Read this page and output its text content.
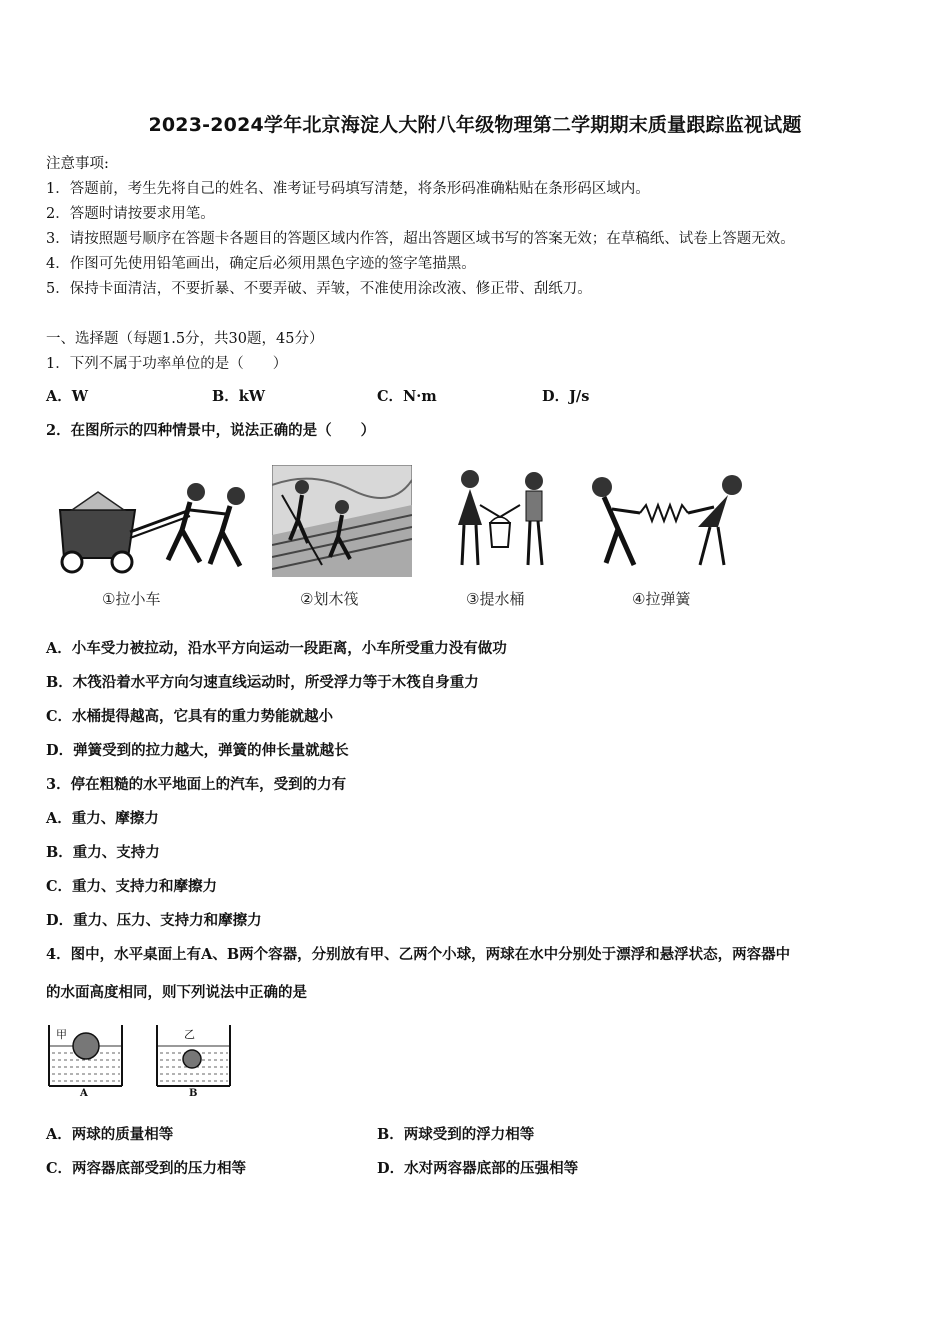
2023-2024学年北京海淀人大附八年级物理第二学期期末质量跟踪监视试题
注意事项:
1．答题前，考生先将自己的姓名、准考证号码填写清楚，将条形码准确粘贴在条形码区域内。
2．答题时请按要求用笔。
3．请按照题号顺序在答题卡各题目的答题区域内作答，超出答题区域书写的答案无效；在草稿纸、试卷上答题无效。
4．作图可先使用铅笔画出，确定后必须用黑色字迹的签字笔描黑。
5．保持卡面清洁，不要折暴、不要弄破、弄皱，不准使用涂改液、修正带、刮纸刀。
一、选择题（每题1.5分，共30题，45分）
1．下列不属于功率单位的是（　　）
A．W	B．kW	C．N·m	D．J/s
2．在图所示的四种情景中，说法正确的是（　　）
①拉小车	②划木筏	③提水桶	④拉弹簧
A．小车受力被拉动，沿水平方向运动一段距离，小车所受重力没有做功
B．木筏沿着水平方向匀速直线运动时，所受浮力等于木筏自身重力
C．水桶提得越高，它具有的重力势能就越小
D．弹簧受到的拉力越大，弹簧的伸长量就越长
3．停在粗糙的水平地面上的汽车，受到的力有
A．重力、摩擦力
B．重力、支持力
C．重力、支持力和摩擦力
D．重力、压力、支持力和摩擦力
4．图中，水平桌面上有A、B两个容器，分别放有甲、乙两个小球，两球在水中分别处于漂浮和悬浮状态，两容器中
的水面高度相同，则下列说法中正确的是
甲
A
乙
B
A．两球的质量相等	B．两球受到的浮力相等
C．两容器底部受到的压力相等	D．水对两容器底部的压强相等
